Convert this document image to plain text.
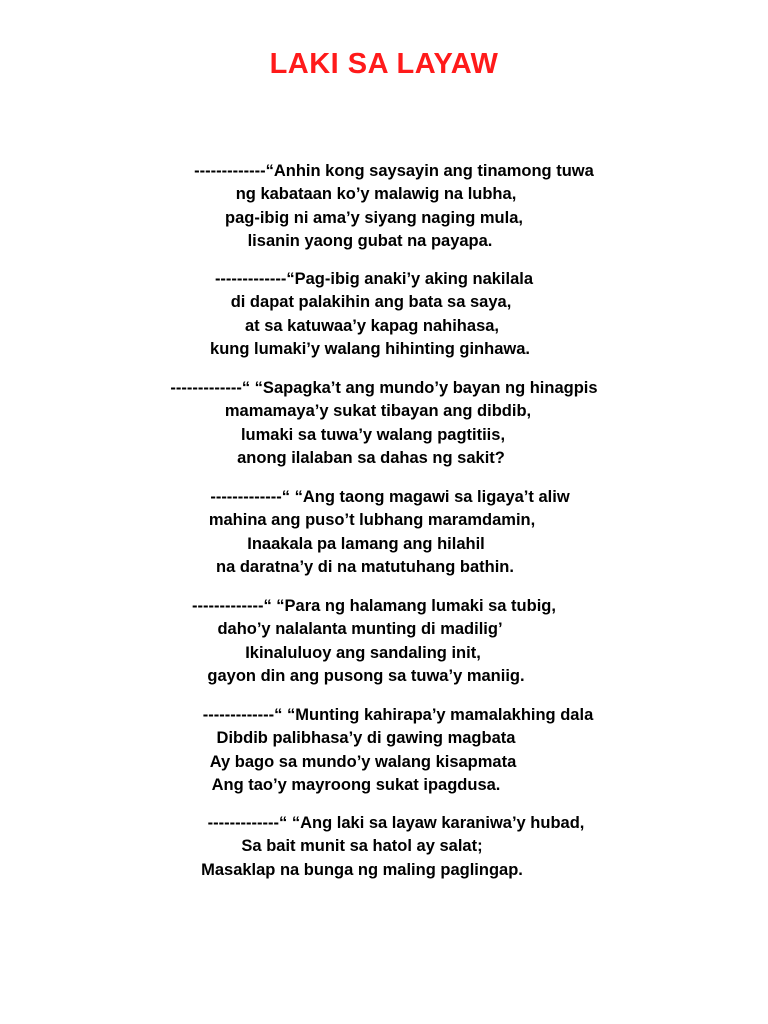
LAKI SA LAYAW
-------------“Anhin kong saysayin ang tinamong tuwa
ng kabataan ko’y malawig na lubha,
pag-ibig ni ama’y siyang naging mula,
lisanin yaong gubat na payapa.
-------------“Pag-ibig anaki’y aking nakilala
di dapat palakihin ang bata sa saya,
at sa katuwaa’y kapag nahihasa,
kung lumaki’y walang hihinting ginhawa.
-------------“ “Sapagka’t ang mundo’y bayan ng hinagpis
mamamaya’y sukat tibayan ang dibdib,
lumaki sa tuwa’y walang pagtitiis,
anong ilalaban sa dahas ng sakit?
-------------“ “Ang taong magawi sa ligaya’t aliw
mahina ang puso’t lubhang maramdamin,
Inaakala pa lamang ang hilahil
na daratna’y di na matutuhang bathin.
-------------“ “Para ng halamang lumaki sa tubig,
daho’y nalalanta munting di madilig’
Ikinaluluoy ang sandaling init,
gayon din ang pusong sa tuwa’y maniig.
-------------“ “Munting kahirapa’y mamalakhing dala
Dibdib palibhasa’y di gawing magbata
Ay bago sa mundo’y walang kisapmata
Ang tao’y mayroong sukat ipagdusa.
-------------“ “Ang laki sa layaw karaniwa’y hubad,
Sa bait munit sa hatol ay salat;
Masaklap na bunga ng maling paglingap.
